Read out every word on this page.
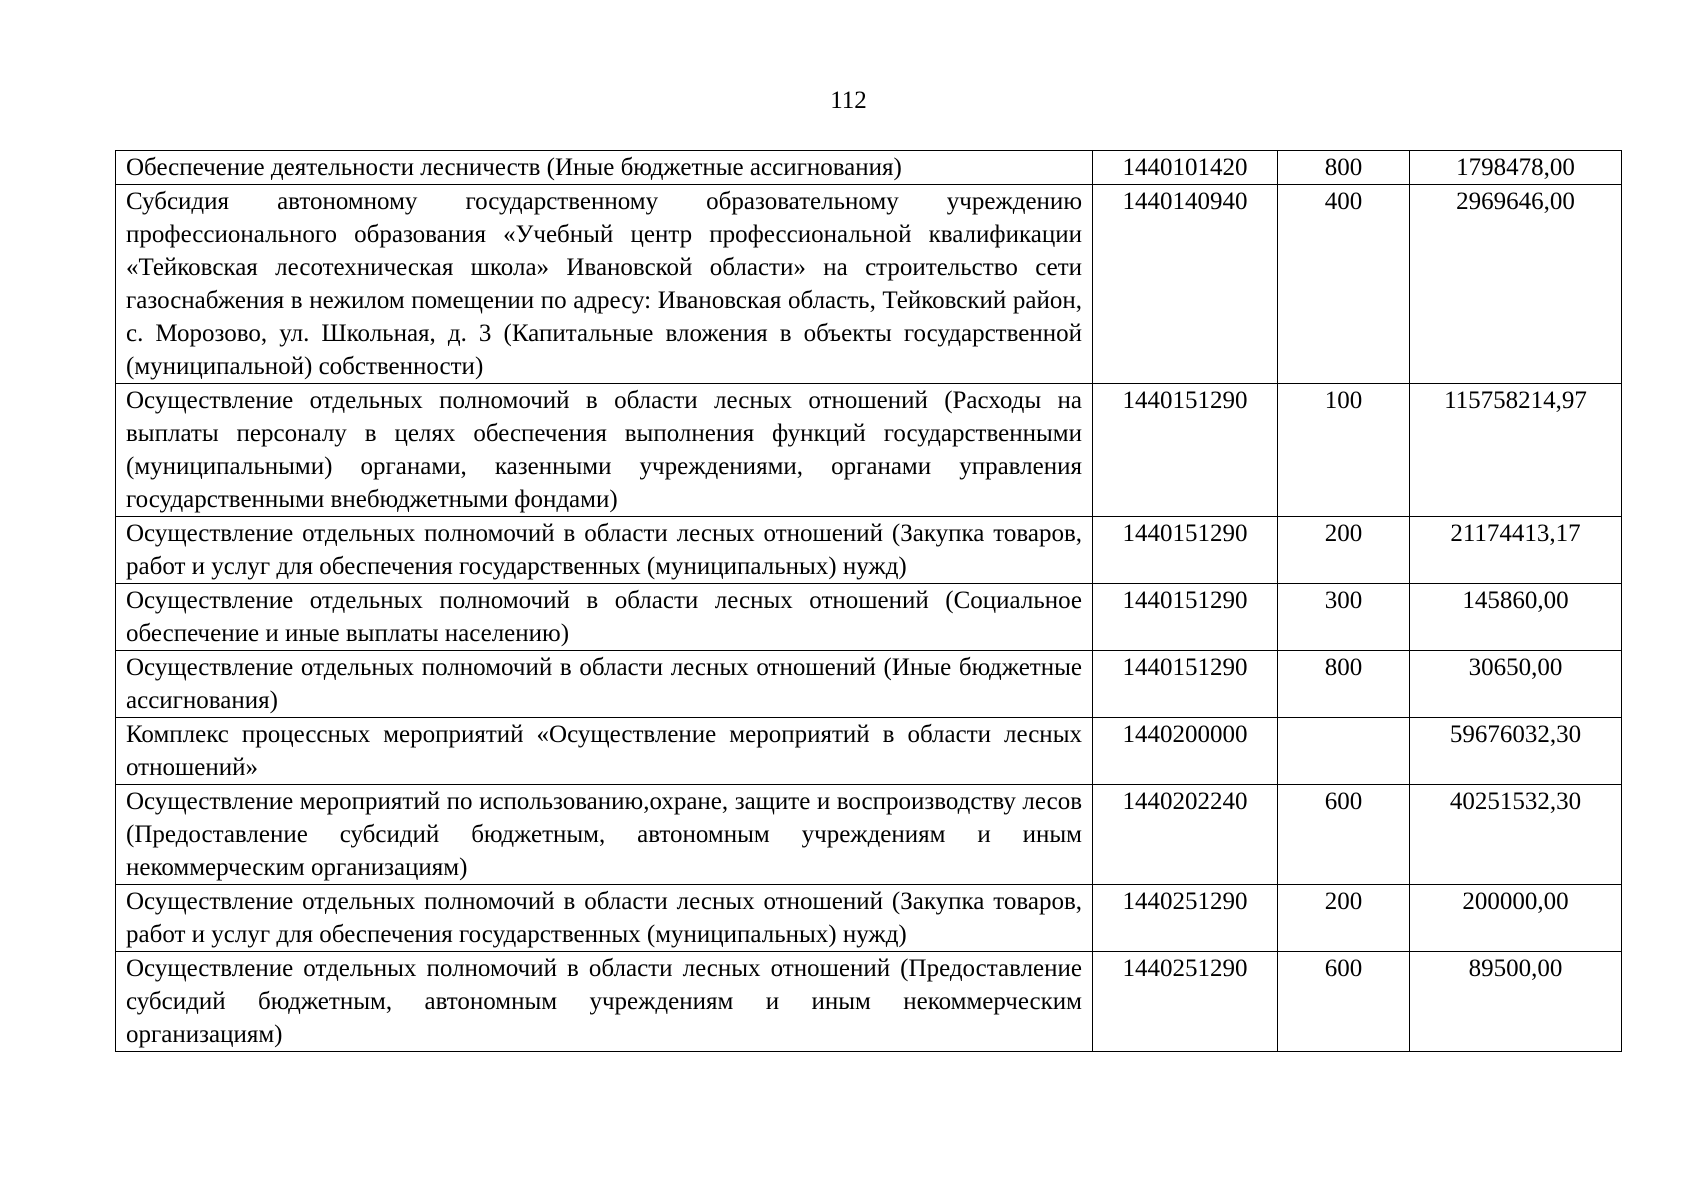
112
Обеспечение деятельности лесничеств (Иные бюджетные ассигнования)	1440101420	800	1798478,00
Субсидия автономному государственному образовательному учреждению профессионального образования «Учебный центр профессиональной квалификации «Тейковская лесотехническая школа» Ивановской области» на строительство сети газоснабжения в нежилом помещении по адресу: Ивановская область, Тейковский район, с. Морозово, ул. Школьная, д. 3 (Капитальные вложения в объекты государственной (муниципальной) собственности)	1440140940	400	2969646,00
Осуществление отдельных полномочий в области лесных отношений (Расходы на выплаты персоналу в целях обеспечения выполнения функций государственными (муниципальными) органами, казенными учреждениями, органами управления государственными внебюджетными фондами)	1440151290	100	115758214,97
Осуществление отдельных полномочий в области лесных отношений (Закупка товаров, работ и услуг для обеспечения государственных (муниципальных) нужд)	1440151290	200	21174413,17
Осуществление отдельных полномочий в области лесных отношений (Социальное обеспечение и иные выплаты населению)	1440151290	300	145860,00
Осуществление отдельных полномочий в области лесных отношений (Иные бюджетные ассигнования)	1440151290	800	30650,00
Комплекс процессных мероприятий «Осуществление мероприятий в области лесных отношений»	1440200000		59676032,30
Осуществление мероприятий по использованию,охране, защите и воспроизводству лесов (Предоставление субсидий бюджетным, автономным учреждениям и иным некоммерческим организациям)	1440202240	600	40251532,30
Осуществление отдельных полномочий в области лесных отношений (Закупка товаров, работ и услуг для обеспечения государственных (муниципальных) нужд)	1440251290	200	200000,00
Осуществление отдельных полномочий в области лесных отношений (Предоставление субсидий бюджетным, автономным учреждениям и иным некоммерческим организациям)	1440251290	600	89500,00
